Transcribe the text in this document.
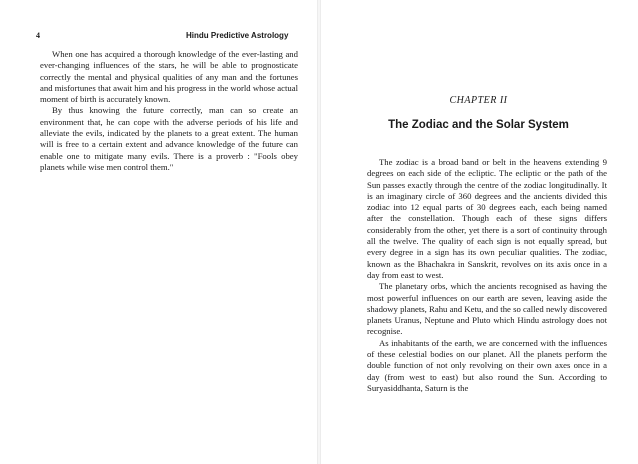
4	Hindu Predictive Astrology

When one has acquired a thorough knowledge of the ever-lasting and ever-changing influences of the stars, he will be able to prognosticate correctly the mental and physical qualities of any man and the fortunes and misfortunes that await him and his progress in the world whose actual moment of birth is accurately known.

By thus knowing the future correctly, man can so create an environment that, he can cope with the adverse periods of his life and alleviate the evils, indicated by the planets to a great extent. The human will is free to a certain extent and advance knowledge of the future can enable one to mitigate many evils. There is a proverb : "Fools obey planets while wise men control them."

CHAPTER II
The Zodiac and the Solar System

The zodiac is a broad band or belt in the heavens extending 9 degrees on each side of the ecliptic. The ecliptic or the path of the Sun passes exactly through the centre of the zodiac longitudinally. It is an imaginary circle of 360 degrees and the ancients divided this zodiac into 12 equal parts of 30 degrees each, each being named after the constellation. Though each of these signs differs considerably from the other, yet there is a sort of continuity through all the twelve. The quality of each sign is not equally spread, but every degree in a sign has its own peculiar qualities. The zodiac, known as the Bhachakra in Sanskrit, revolves on its axis once in a day from east to west.

The planetary orbs, which the ancients recognised as having the most powerful influences on our earth are seven, leaving aside the shadowy planets, Rahu and Ketu, and the so called newly discovered planets Uranus, Neptune and Pluto which Hindu astrology does not recognise.

As inhabitants of the earth, we are concerned with the influences of these celestial bodies on our planet. All the planets perform the double function of not only revolving on their own axes once in a day (from west to east) but also round the Sun. According to Suryasiddhanta, Saturn is the
